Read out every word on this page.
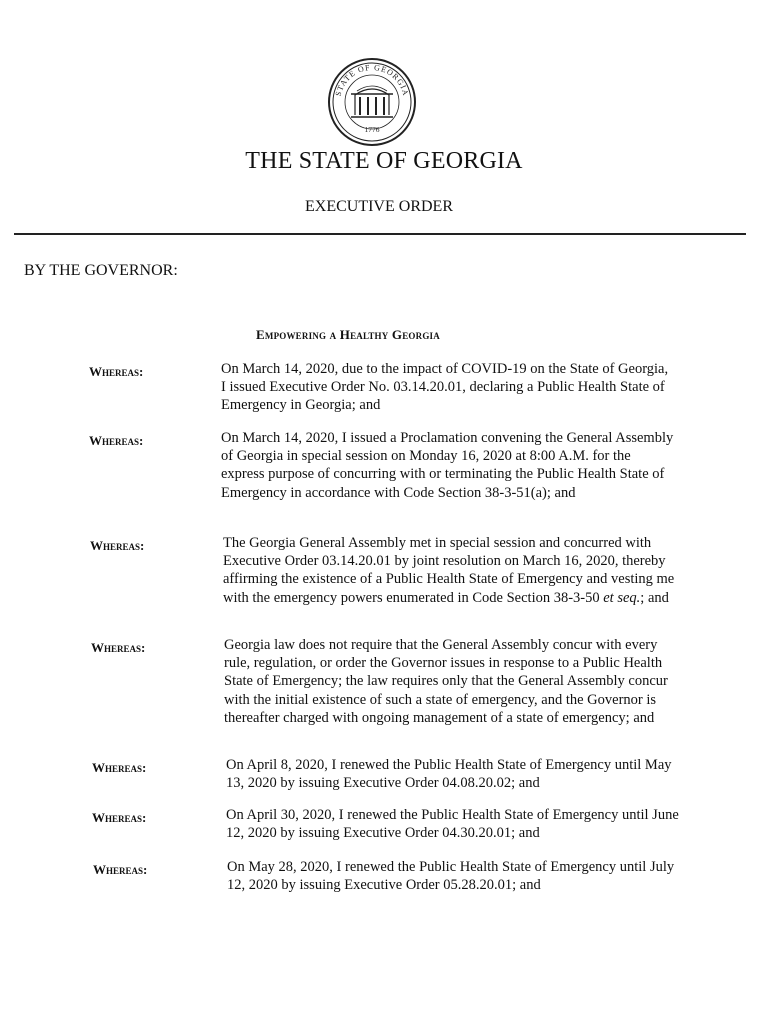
STATE OF GEORGIA
1776
THE STATE OF GEORGIA
EXECUTIVE ORDER
BY THE GOVERNOR:
Empowering a Healthy Georgia
Whereas:	On March 14, 2020, due to the impact of COVID-19 on the State of Georgia, I issued Executive Order No. 03.14.20.01, declaring a Public Health State of Emergency in Georgia; and
Whereas:	On March 14, 2020, I issued a Proclamation convening the General Assembly of Georgia in special session on Monday 16, 2020 at 8:00 A.M. for the express purpose of concurring with or terminating the Public Health State of Emergency in accordance with Code Section 38-3-51(a); and
Whereas:	The Georgia General Assembly met in special session and concurred with Executive Order 03.14.20.01 by joint resolution on March 16, 2020, thereby affirming the existence of a Public Health State of Emergency and vesting me with the emergency powers enumerated in Code Section 38-3-50 et seq.; and
Whereas:	Georgia law does not require that the General Assembly concur with every rule, regulation, or order the Governor issues in response to a Public Health State of Emergency; the law requires only that the General Assembly concur with the initial existence of such a state of emergency, and the Governor is thereafter charged with ongoing management of a state of emergency; and
Whereas:	On April 8, 2020, I renewed the Public Health State of Emergency until May 13, 2020 by issuing Executive Order 04.08.20.02; and
Whereas:	On April 30, 2020, I renewed the Public Health State of Emergency until June 12, 2020 by issuing Executive Order 04.30.20.01; and
Whereas:	On May 28, 2020, I renewed the Public Health State of Emergency until July 12, 2020 by issuing Executive Order 05.28.20.01; and
